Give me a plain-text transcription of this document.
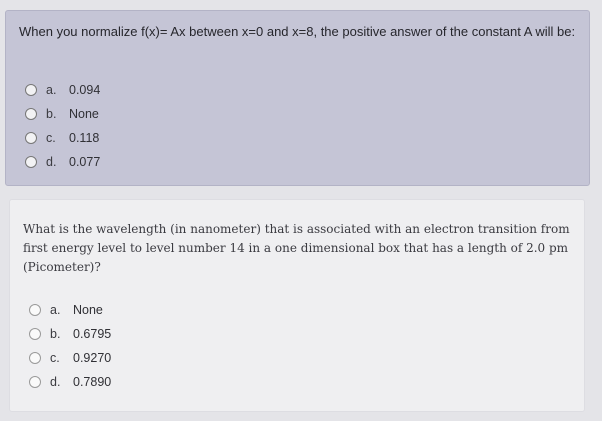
When you normalize f(x)= Ax between x=0 and x=8, the positive answer of the constant A will be:

a.	0.094
b.	None
c.	0.118
d.	0.077

What is the wavelength (in nanometer) that is associated with an electron transition from first energy level to level number 14 in a one dimensional box that has a length of 2.0 pm (Picometer)?

a.	None
b.	0.6795
c.	0.9270
d.	0.7890
